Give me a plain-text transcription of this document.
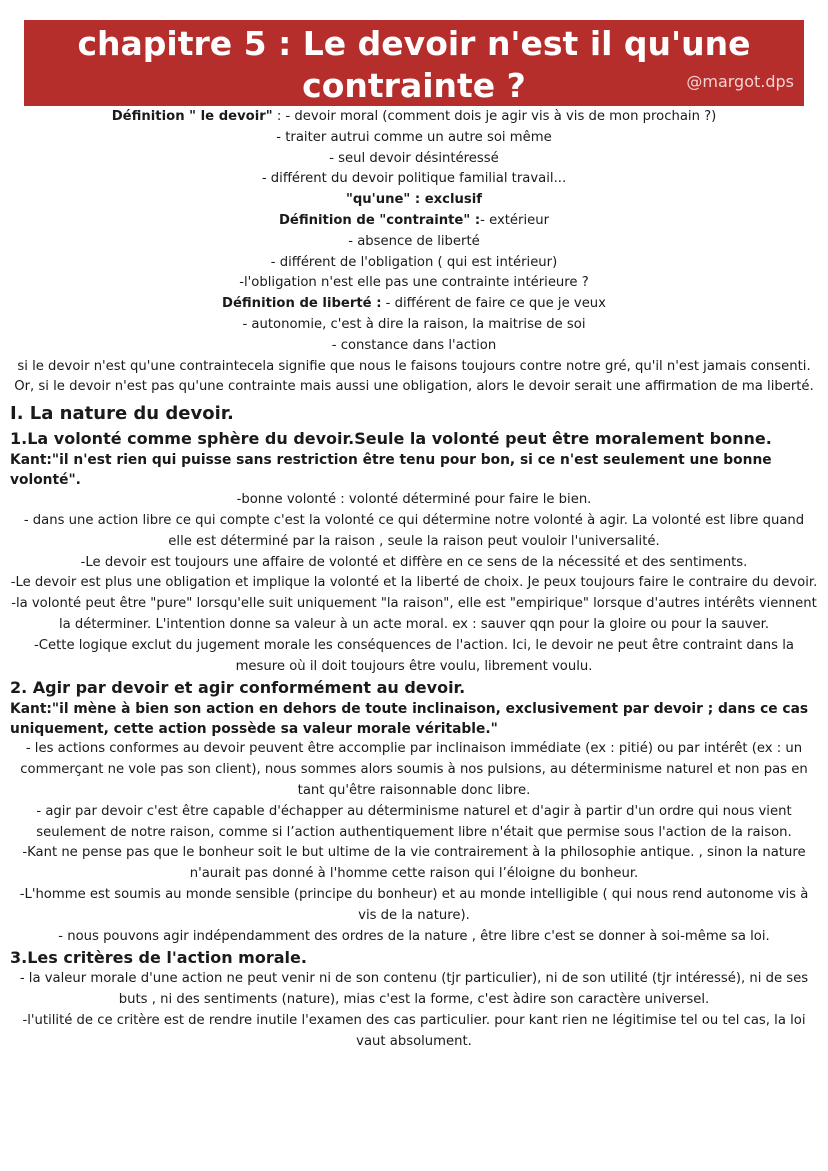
chapitre 5 : Le devoir n'est il qu'une contrainte ?	@margot.dps

Définition " le devoir" : - devoir moral (comment dois je agir vis à vis de mon prochain ?)

- traiter autrui comme un autre soi même

- seul devoir désintéressé

- différent du devoir politique familial travail...

"qu'une" : exclusif

Définition de "contrainte" :- extérieur

- absence de liberté

- différent de l'obligation ( qui est intérieur)

-l'obligation n'est elle pas une contrainte intérieure ?

Définition de liberté : - différent de faire ce que je veux

- autonomie, c'est à dire la raison, la maitrise de soi

- constance dans l'action

si le devoir n'est qu'une contraintecela signifie que nous le faisons toujours contre notre gré, qu'il n'est jamais consenti. Or, si le devoir n'est pas qu'une contrainte mais aussi une obligation, alors le devoir serait une affirmation de ma liberté.

I. La nature du devoir.
1.La volonté comme sphère du devoir.Seule la volonté peut être moralement bonne.

Kant:"il n'est rien qui puisse sans restriction être tenu pour bon, si ce n'est seulement une bonne volonté".

-bonne volonté : volonté déterminé pour faire le bien.

- dans une action libre ce qui compte c'est la volonté ce qui détermine notre volonté à agir. La volonté est libre quand elle est déterminé par la raison , seule la raison peut vouloir l'universalité.

-Le devoir est toujours une affaire de volonté et diffère en ce sens de la nécessité et des sentiments.

-Le devoir est plus une obligation et implique la volonté et la liberté de choix. Je peux toujours faire le contraire du devoir.

-la volonté peut être "pure" lorsqu'elle suit uniquement "la raison", elle est "empirique" lorsque d'autres intérêts viennent la déterminer. L'intention donne sa valeur à un acte moral. ex : sauver qqn pour la gloire ou pour la sauver.

-Cette logique exclut du jugement morale les conséquences de l'action. Ici, le devoir ne peut être contraint dans la mesure où il doit toujours être voulu, librement voulu.

2. Agir par devoir et agir conformément au devoir.

Kant:"il mène à bien son action en dehors de toute inclinaison, exclusivement par devoir ; dans ce cas uniquement, cette action possède sa valeur morale véritable."

- les actions conformes au devoir peuvent être accomplie par inclinaison immédiate (ex : pitié) ou par intérêt (ex : un commerçant ne vole pas son client), nous sommes alors soumis à nos pulsions, au déterminisme naturel et non pas en tant qu'être raisonnable donc libre.

- agir par devoir c'est être capable d'échapper au déterminisme naturel et d'agir à partir d'un ordre qui nous vient seulement de notre raison, comme si l’action authentiquement libre n'était que permise sous l'action de la raison.

-Kant ne pense pas que le bonheur soit le but ultime de la vie contrairement à la philosophie antique. , sinon la nature n'aurait pas donné à l'homme cette raison qui l’éloigne du bonheur.

-L'homme est soumis au monde sensible (principe du bonheur) et au monde intelligible ( qui nous rend autonome vis à vis de la nature).

- nous pouvons agir indépendamment des ordres de la nature , être libre c'est se donner à soi-même sa loi.

3.Les critères de l'action morale.

- la valeur morale d'une action ne peut venir ni de son contenu (tjr particulier), ni de son utilité (tjr intéressé), ni de ses buts , ni des sentiments (nature), mias c'est la forme, c'est àdire son caractère universel.

-l'utilité de ce critère est de rendre inutile l'examen des cas particulier. pour kant rien ne légitimise tel ou tel cas, la loi vaut absolument.
